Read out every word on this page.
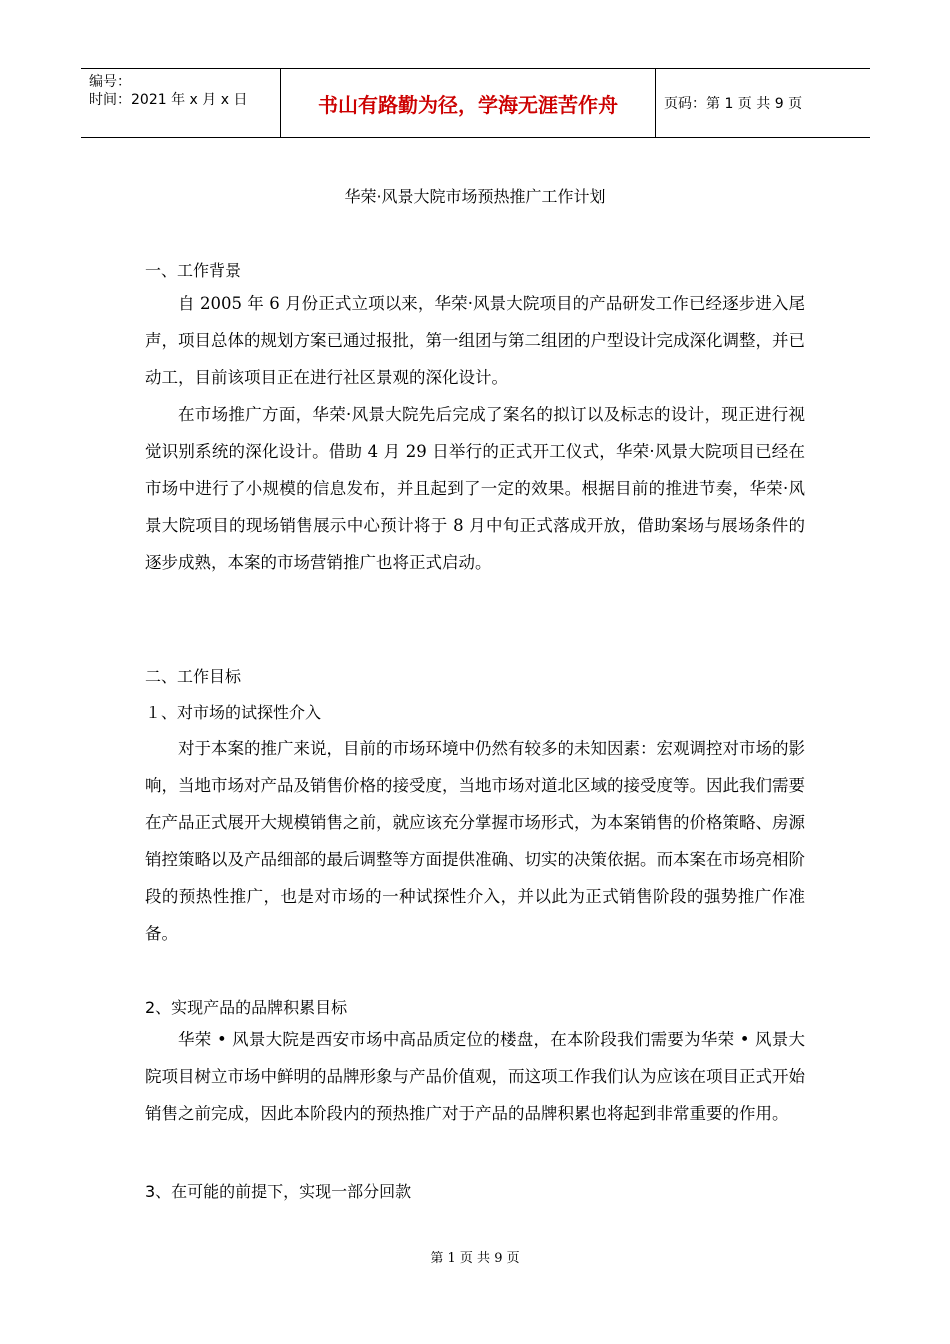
编号：
时间：2021 年 x 月 x 日	书山有路勤为径，学海无涯苦作舟	页码：第 1 页 共 9 页
华荣·风景大院市场预热推广工作计划
一、工作背景

自 2005 年 6 月份正式立项以来，华荣·风景大院项目的产品研发工作已经逐步进入尾声，项目总体的规划方案已通过报批，第一组团与第二组团的户型设计完成深化调整，并已动工，目前该项目正在进行社区景观的深化设计。

在市场推广方面，华荣·风景大院先后完成了案名的拟订以及标志的设计，现正进行视觉识别系统的深化设计。借助 4 月 29 日举行的正式开工仪式，华荣·风景大院项目已经在市场中进行了小规模的信息发布，并且起到了一定的效果。根据目前的推进节奏，华荣·风景大院项目的现场销售展示中心预计将于 8 月中旬正式落成开放，借助案场与展场条件的逐步成熟，本案的市场营销推广也将正式启动。

二、工作目标
１、对市场的试探性介入

对于本案的推广来说，目前的市场环境中仍然有较多的未知因素：宏观调控对市场的影响，当地市场对产品及销售价格的接受度，当地市场对道北区域的接受度等。因此我们需要在产品正式展开大规模销售之前，就应该充分掌握市场形式，为本案销售的价格策略、房源销控策略以及产品细部的最后调整等方面提供准确、切实的决策依据。而本案在市场亮相阶段的预热性推广，也是对市场的一种试探性介入，并以此为正式销售阶段的强势推广作准备。

2、实现产品的品牌积累目标

华荣 • 风景大院是西安市场中高品质定位的楼盘，在本阶段我们需要为华荣 • 风景大院项目树立市场中鲜明的品牌形象与产品价值观，而这项工作我们认为应该在项目正式开始销售之前完成，因此本阶段内的预热推广对于产品的品牌积累也将起到非常重要的作用。

3、在可能的前提下，实现一部分回款
第 1 页 共 9 页
